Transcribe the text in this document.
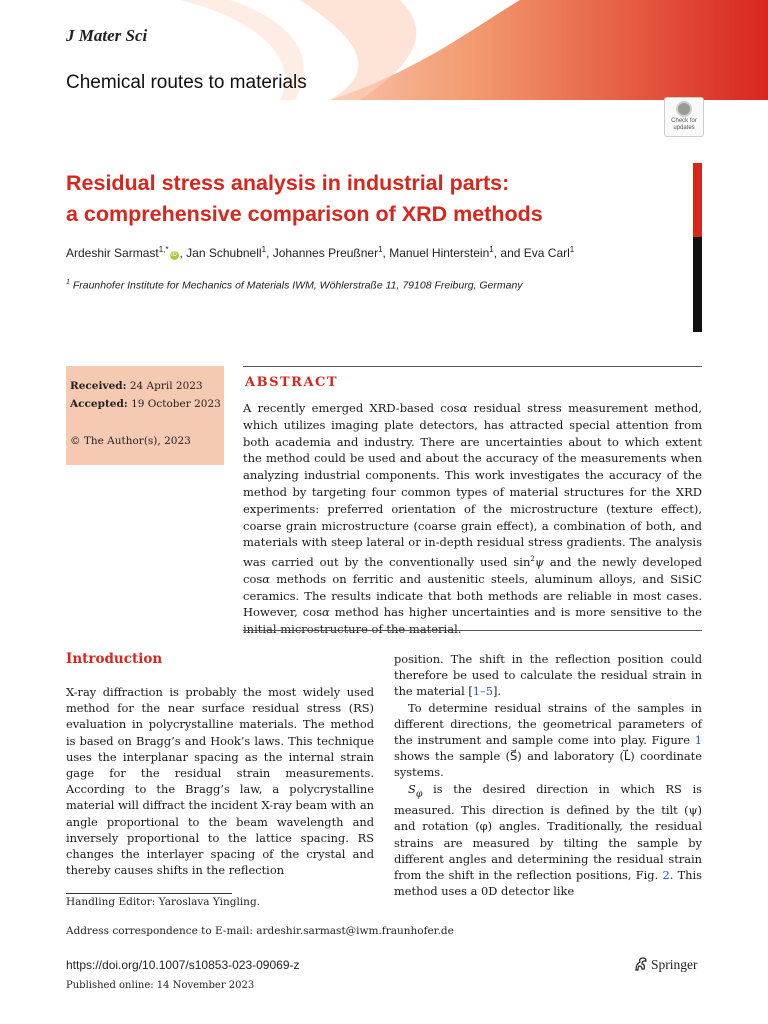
J Mater Sci
Chemical routes to materials
Check for
updates
Residual stress analysis in industrial parts:
a comprehensive comparison of XRD methods
Ardeshir Sarmast$^{1,*}$iD , Jan Schubnell$^1$, Johannes Preußner$^1$, Manuel Hinterstein$^1$, and Eva Carl$^1$
$^1$ Fraunhofer Institute for Mechanics of Materials IWM, Wöhlerstraße 11, 79108 Freiburg, Germany
Received: 24 April 2023
Accepted: 19 October 2023
© The Author(s), 2023
ABSTRACT
A recently emerged XRD-based cosα residual stress measurement method, which utilizes imaging plate detectors, has attracted special attention from both academia and industry. There are uncertainties about to which extent the method could be used and about the accuracy of the measurements when analyzing industrial components. This work investigates the accuracy of the method by targeting four common types of material structures for the XRD experiments: preferred orientation of the microstructure (texture effect), coarse grain microstructure (coarse grain effect), a combination of both, and materials with steep lateral or in-depth residual stress gradients. The analysis was carried out by the conventionally used $\sin^2\psi$ and the newly developed cosα methods on ferritic and austenitic steels, aluminum alloys, and SiSiC ceramics. The results indicate that both methods are reliable in most cases. However, cosα method has higher uncertainties and is more sensitive to the initial microstructure of the material.
Introduction

X-ray diffraction is probably the most widely used method for the near surface residual stress (RS) evaluation in polycrystalline materials. The method is based on Bragg’s and Hook’s laws. This technique uses the interplanar spacing as the internal strain gage for the residual strain measurements. According to the Bragg’s law, a polycrystalline material will diffract the incident X-ray beam with an angle proportional to the beam wavelength and inversely proportional to the lattice spacing. RS changes the interlayer spacing of the crystal and thereby causes shifts in the reflection

position. The shift in the reflection position could therefore be used to calculate the residual strain in the material [1–5].

To determine residual strains of the samples in different directions, the geometrical parameters of the instrument and sample come into play. Figure 1 shows the sample (S⃗) and laboratory (L⃗) coordinate systems.

$S_\varphi$ is the desired direction in which RS is measured. This direction is defined by the tilt (ψ) and rotation (φ) angles. Traditionally, the residual strains are measured by tilting the sample by different angles and determining the residual strain from the shift in the reflection positions, Fig. 2. This method uses a 0D detector like

Handling Editor: Yaroslava Yingling.
Address correspondence to E-mail: ardeshir.sarmast@iwm.fraunhofer.de
https://doi.org/10.1007/s10853-023-09069-z
Published online: 14 November 2023
Springer
